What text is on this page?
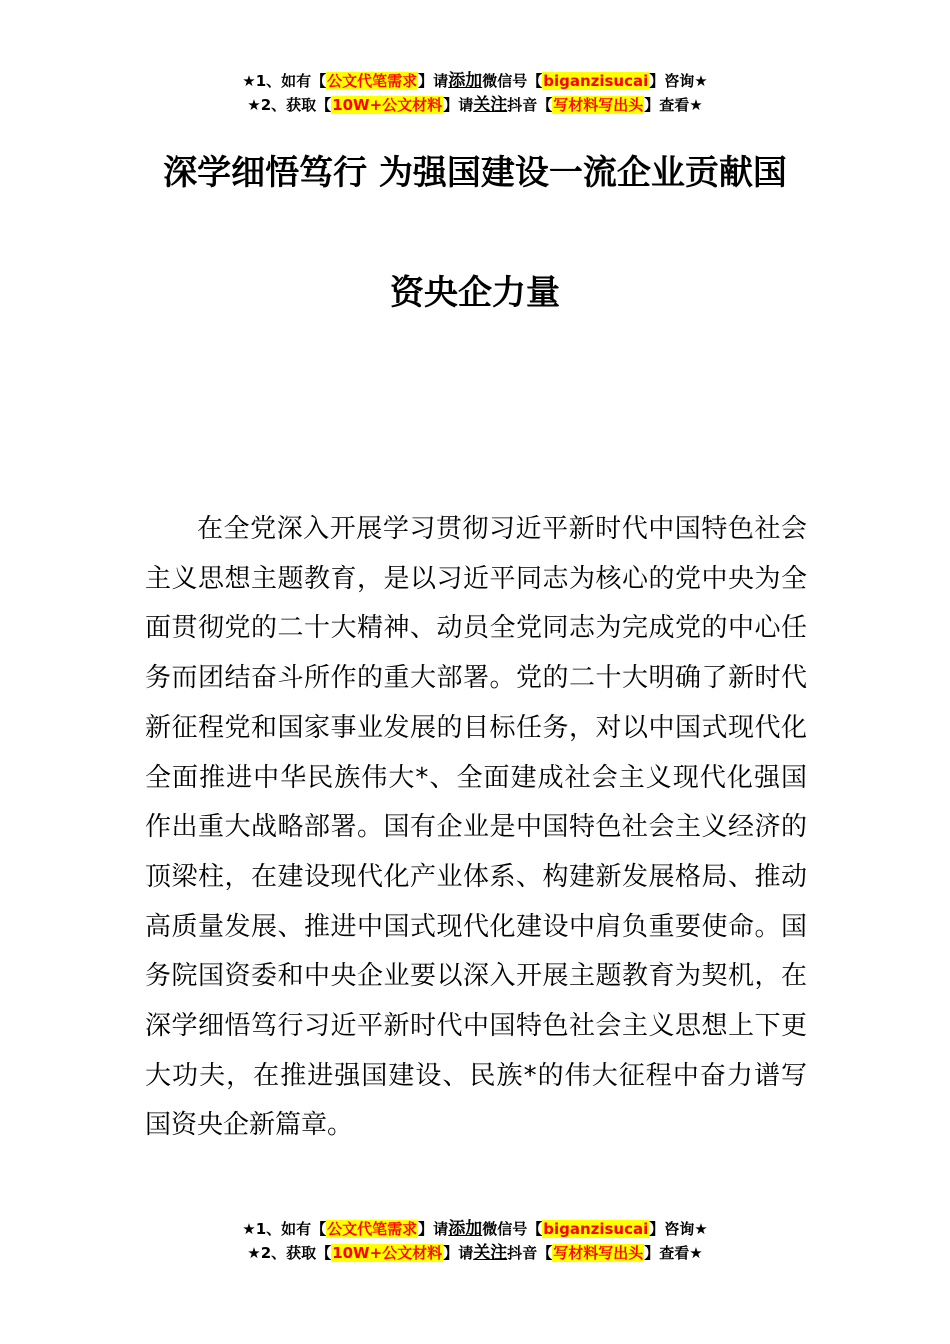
★1、如有【公文代笔需求】请添加微信号【biganzisucai】咨询★
★2、获取【10W+公文材料】请关注抖音【写材料写出头】查看★
深学细悟笃行 为强国建设一流企业贡献国
资央企力量

在全党深入开展学习贯彻习近平新时代中国特色社会主义思想主题教育，是以习近平同志为核心的党中央为全面贯彻党的二十大精神、动员全党同志为完成党的中心任务而团结奋斗所作的重大部署。党的二十大明确了新时代新征程党和国家事业发展的目标任务，对以中国式现代化全面推进中华民族伟大*、全面建成社会主义现代化强国作出重大战略部署。国有企业是中国特色社会主义经济的顶梁柱，在建设现代化产业体系、构建新发展格局、推动高质量发展、推进中国式现代化建设中肩负重要使命。国务院国资委和中央企业要以深入开展主题教育为契机，在深学细悟笃行习近平新时代中国特色社会主义思想上下更大功夫，在推进强国建设、民族*的伟大征程中奋力谱写国资央企新篇章。

★1、如有【公文代笔需求】请添加微信号【biganzisucai】咨询★
★2、获取【10W+公文材料】请关注抖音【写材料写出头】查看★
